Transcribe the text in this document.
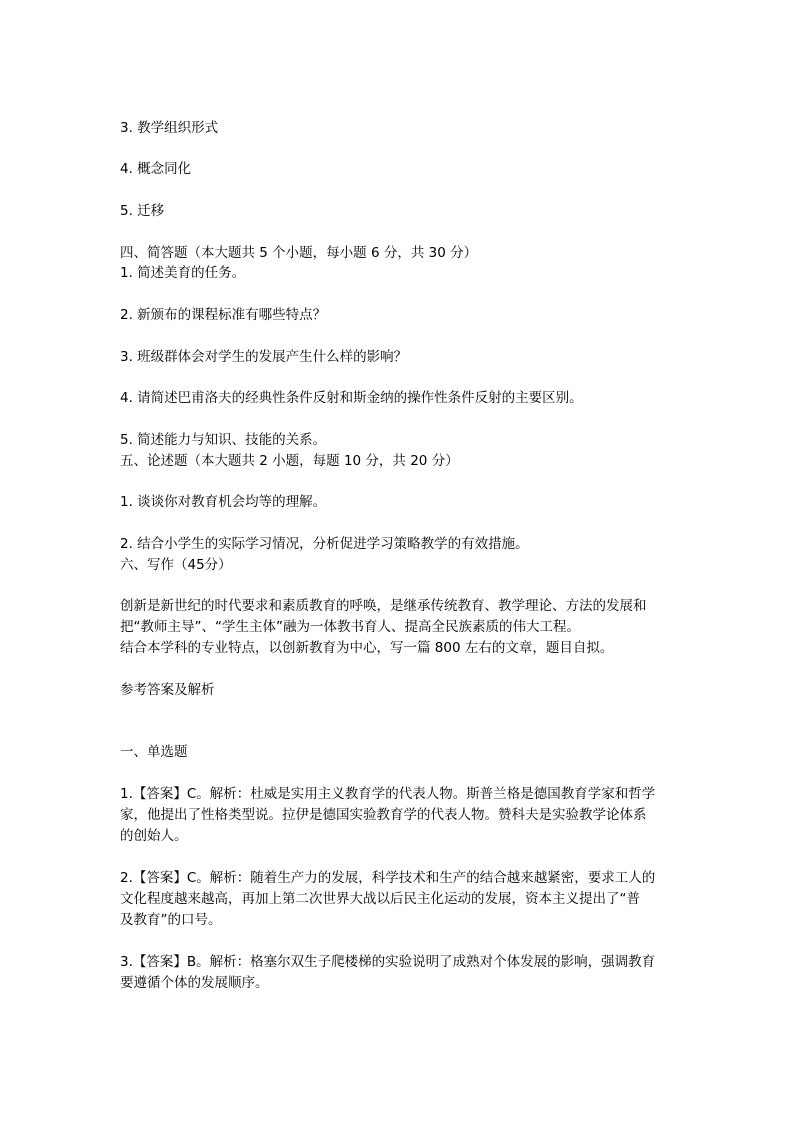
3. 教学组织形式
4. 概念同化
5. 迁移
四、简答题（本大题共 5 个小题，每小题 6 分，共 30 分）
1. 简述美育的任务。
2. 新颁布的课程标准有哪些特点？
3. 班级群体会对学生的发展产生什么样的影响？
4. 请简述巴甫洛夫的经典性条件反射和斯金纳的操作性条件反射的主要区别。
5. 简述能力与知识、技能的关系。
五、论述题（本大题共 2 小题，每题 10 分，共 20 分）
1. 谈谈你对教育机会均等的理解。
2. 结合小学生的实际学习情况，分析促进学习策略教学的有效措施。
六、写作（45分）
创新是新世纪的时代要求和素质教育的呼唤，是继承传统教育、教学理论、方法的发展和
把“教师主导”、“学生主体”融为一体教书育人、提高全民族素质的伟大工程。
结合本学科的专业特点，以创新教育为中心，写一篇 800 左右的文章，题目自拟。
参考答案及解析
一、单选题
1.【答案】C。解析：杜威是实用主义教育学的代表人物。斯普兰格是德国教育学家和哲学
家，他提出了性格类型说。拉伊是德国实验教育学的代表人物。赞科夫是实验教学论体系
的创始人。
2.【答案】C。解析：随着生产力的发展，科学技术和生产的结合越来越紧密，要求工人的
文化程度越来越高，再加上第二次世界大战以后民主化运动的发展，资本主义提出了“普
及教育”的口号。
3.【答案】B。解析：格塞尔双生子爬楼梯的实验说明了成熟对个体发展的影响，强调教育
要遵循个体的发展顺序。
